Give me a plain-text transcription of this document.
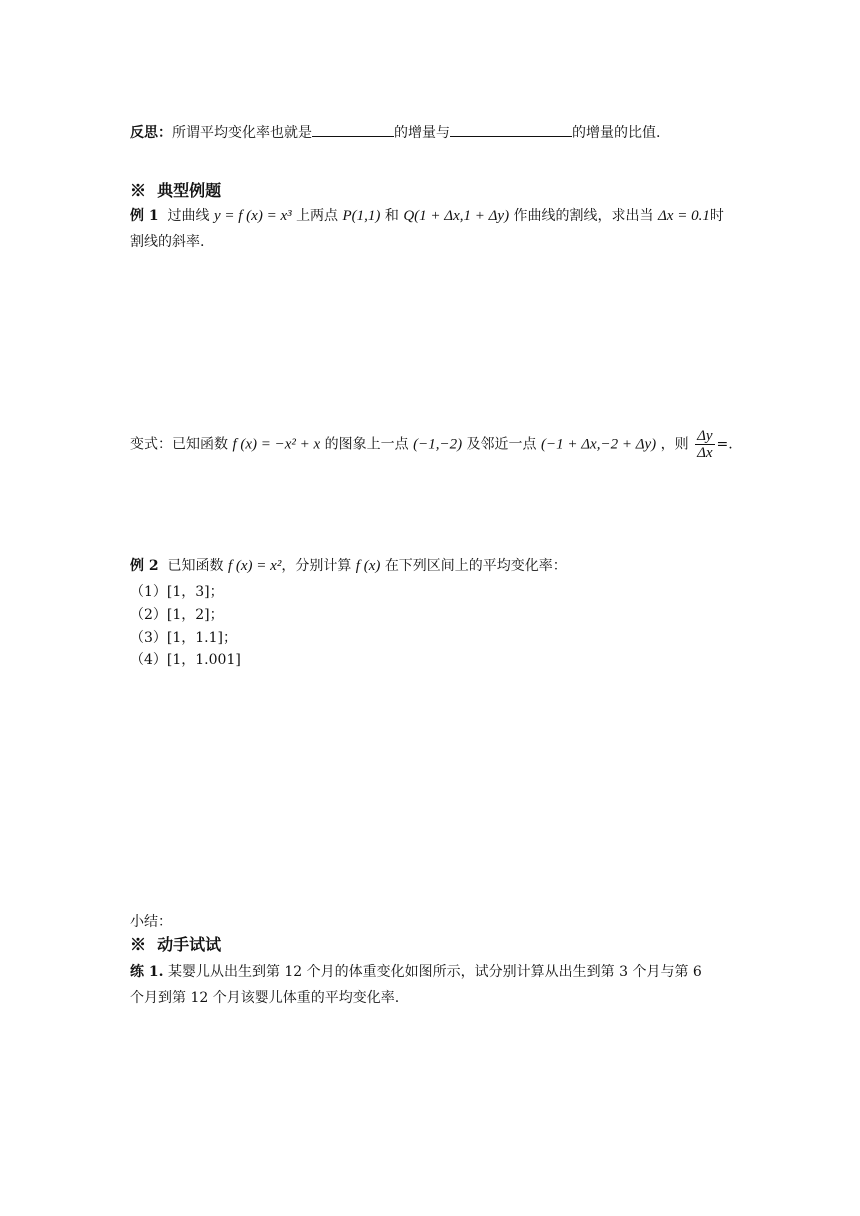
反思：所谓平均变化率也就是	的增量与	的增量的比值.
※ 典型例题
例 1 过曲线 y = f (x) = x³ 上两点 P(1,1) 和 Q(1 + Δx,1 + Δy) 作曲线的割线，求出当 Δx = 0.1时
割线的斜率.
变式：已知函数 f (x) = −x² + x 的图象上一点 (−1,−2) 及邻近一点 (−1 + Δx,−2 + Δy) ，则 $\frac{\Delta y}{\Delta x}$ =.
例 2 已知函数 f (x) = x²，分别计算 f (x) 在下列区间上的平均变化率：
（1）[1，3]；
（2）[1，2]；
（3）[1，1.1]；
（4）[1，1.001]
小结：
※ 动手试试
练 1. 某婴儿从出生到第 12 个月的体重变化如图所示，试分别计算从出生到第 3 个月与第 6
个月到第 12 个月该婴儿体重的平均变化率.
